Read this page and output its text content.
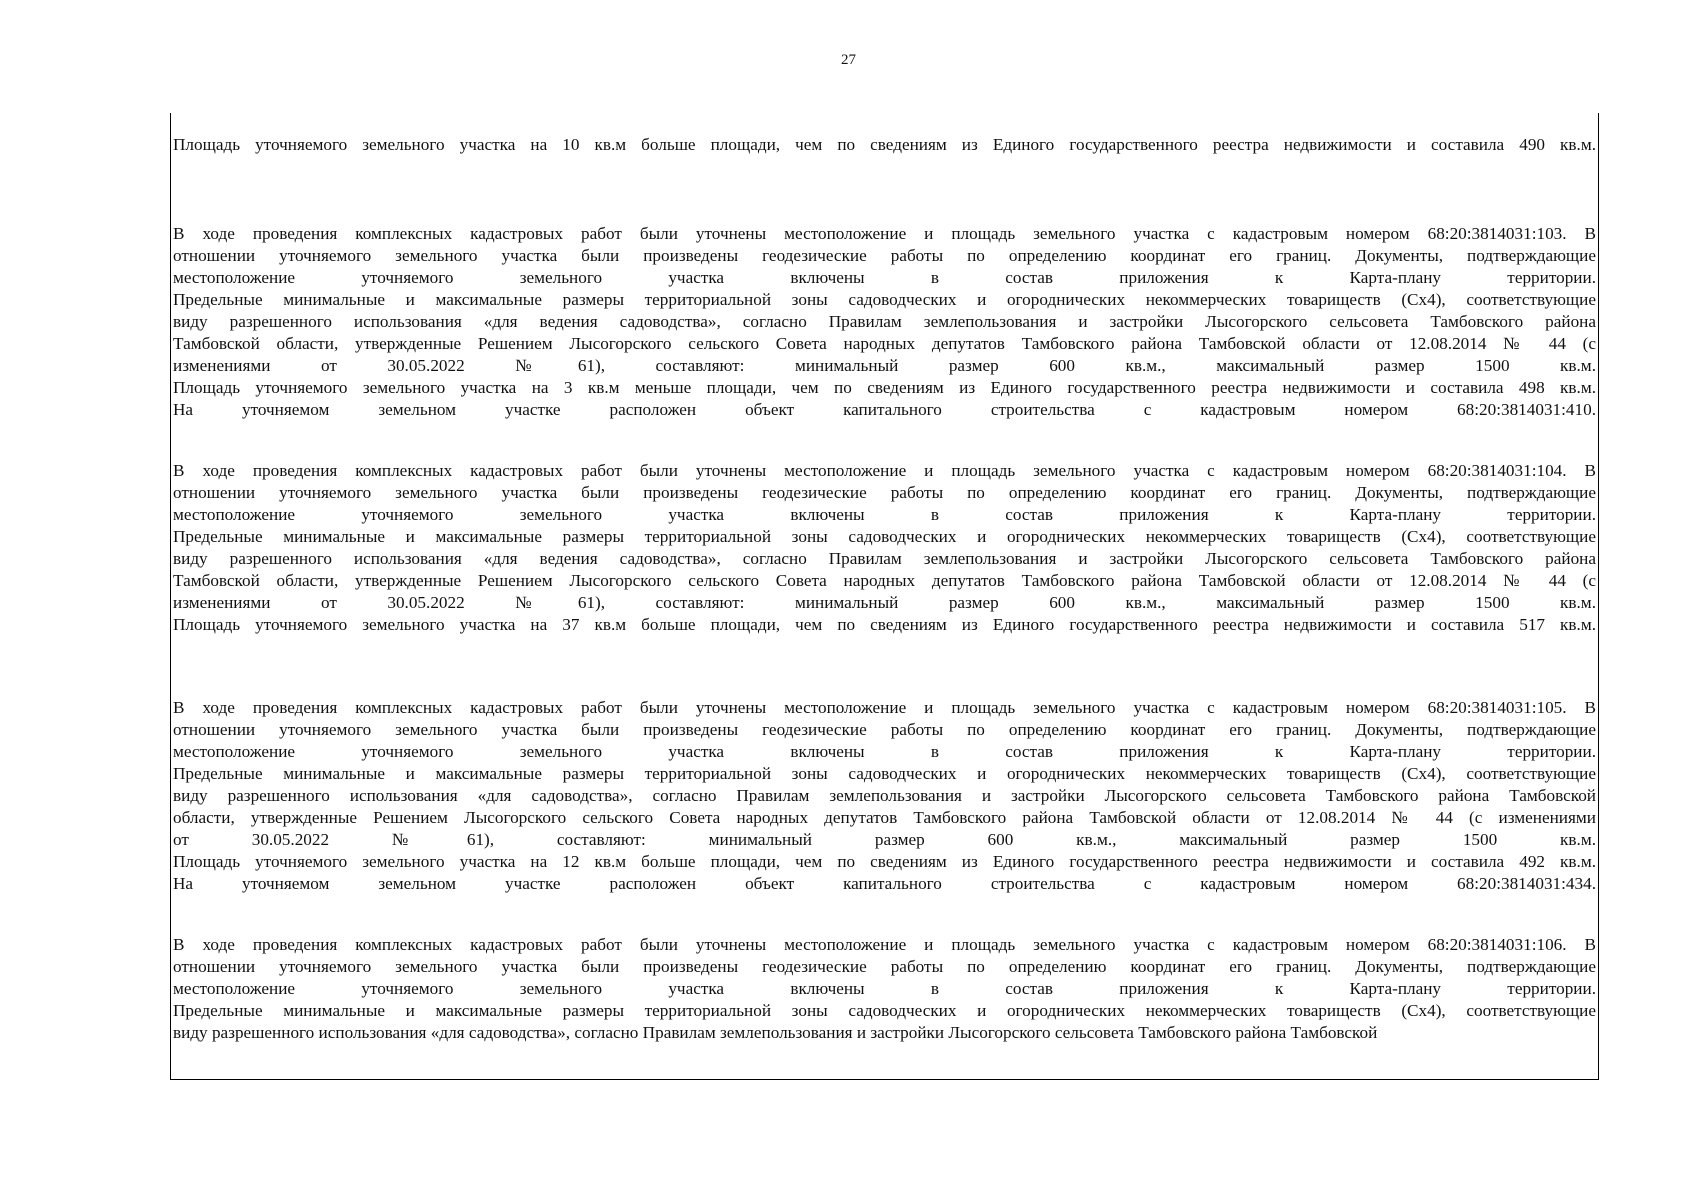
27
Площадь уточняемого земельного участка на 10 кв.м больше площади, чем по сведениям из Единого государственного реестра недвижимости и составила 490 кв.м.
В ходе проведения комплексных кадастровых работ были уточнены местоположение и площадь земельного участка с кадастровым номером 68:20:3814031:103. В
отношении уточняемого земельного участка были произведены геодезические работы по определению координат его границ. Документы, подтверждающие
местоположение уточняемого земельного участка включены в состав приложения к Карта-плану территории.
Предельные минимальные и максимальные размеры территориальной зоны садоводческих и огороднических некоммерческих товариществ (Сх4), соответствующие
виду разрешенного использования «для ведения садоводства», согласно Правилам землепользования и застройки Лысогорского сельсовета Тамбовского района
Тамбовской области, утвержденные Решением Лысогорского сельского Совета народных депутатов Тамбовского района Тамбовской области от 12.08.2014 № 44 (с
изменениями от 30.05.2022 №61), составляют: минимальный размер 600 кв.м., максимальный размер 1500 кв.м.
Площадь уточняемого земельного участка на 3 кв.м меньше площади, чем по сведениям из Единого государственного реестра недвижимости и составила 498 кв.м.
На уточняемом земельном участке расположен объект капитального строительства с кадастровым номером 68:20:3814031:410.
В ходе проведения комплексных кадастровых работ были уточнены местоположение и площадь земельного участка с кадастровым номером 68:20:3814031:104. В
отношении уточняемого земельного участка были произведены геодезические работы по определению координат его границ. Документы, подтверждающие
местоположение уточняемого земельного участка включены в состав приложения к Карта-плану территории.
Предельные минимальные и максимальные размеры территориальной зоны садоводческих и огороднических некоммерческих товариществ (Сх4), соответствующие
виду разрешенного использования «для ведения садоводства», согласно Правилам землепользования и застройки Лысогорского сельсовета Тамбовского района
Тамбовской области, утвержденные Решением Лысогорского сельского Совета народных депутатов Тамбовского района Тамбовской области от 12.08.2014 № 44 (с
изменениями от 30.05.2022 №61), составляют: минимальный размер 600 кв.м., максимальный размер 1500 кв.м.
Площадь уточняемого земельного участка на 37 кв.м больше площади, чем по сведениям из Единого государственного реестра недвижимости и составила 517 кв.м.
В ходе проведения комплексных кадастровых работ были уточнены местоположение и площадь земельного участка с кадастровым номером 68:20:3814031:105. В
отношении уточняемого земельного участка были произведены геодезические работы по определению координат его границ. Документы, подтверждающие
местоположение уточняемого земельного участка включены в состав приложения к Карта-плану территории.
Предельные минимальные и максимальные размеры территориальной зоны садоводческих и огороднических некоммерческих товариществ (Сх4), соответствующие
виду разрешенного использования «для садоводства», согласно Правилам землепользования и застройки Лысогорского сельсовета Тамбовского района Тамбовской
области, утвержденные Решением Лысогорского сельского Совета народных депутатов Тамбовского района Тамбовской области от 12.08.2014 № 44 (с изменениями
от 30.05.2022 №61), составляют: минимальный размер 600 кв.м., максимальный размер 1500 кв.м.
Площадь уточняемого земельного участка на 12 кв.м больше площади, чем по сведениям из Единого государственного реестра недвижимости и составила 492 кв.м.
На уточняемом земельном участке расположен объект капитального строительства с кадастровым номером 68:20:3814031:434.
В ходе проведения комплексных кадастровых работ были уточнены местоположение и площадь земельного участка с кадастровым номером 68:20:3814031:106. В
отношении уточняемого земельного участка были произведены геодезические работы по определению координат его границ. Документы, подтверждающие
местоположение уточняемого земельного участка включены в состав приложения к Карта-плану территории.
Предельные минимальные и максимальные размеры территориальной зоны садоводческих и огороднических некоммерческих товариществ (Сх4), соответствующие
виду разрешенного использования «для садоводства», согласно Правилам землепользования и застройки Лысогорского сельсовета Тамбовского района Тамбовской
